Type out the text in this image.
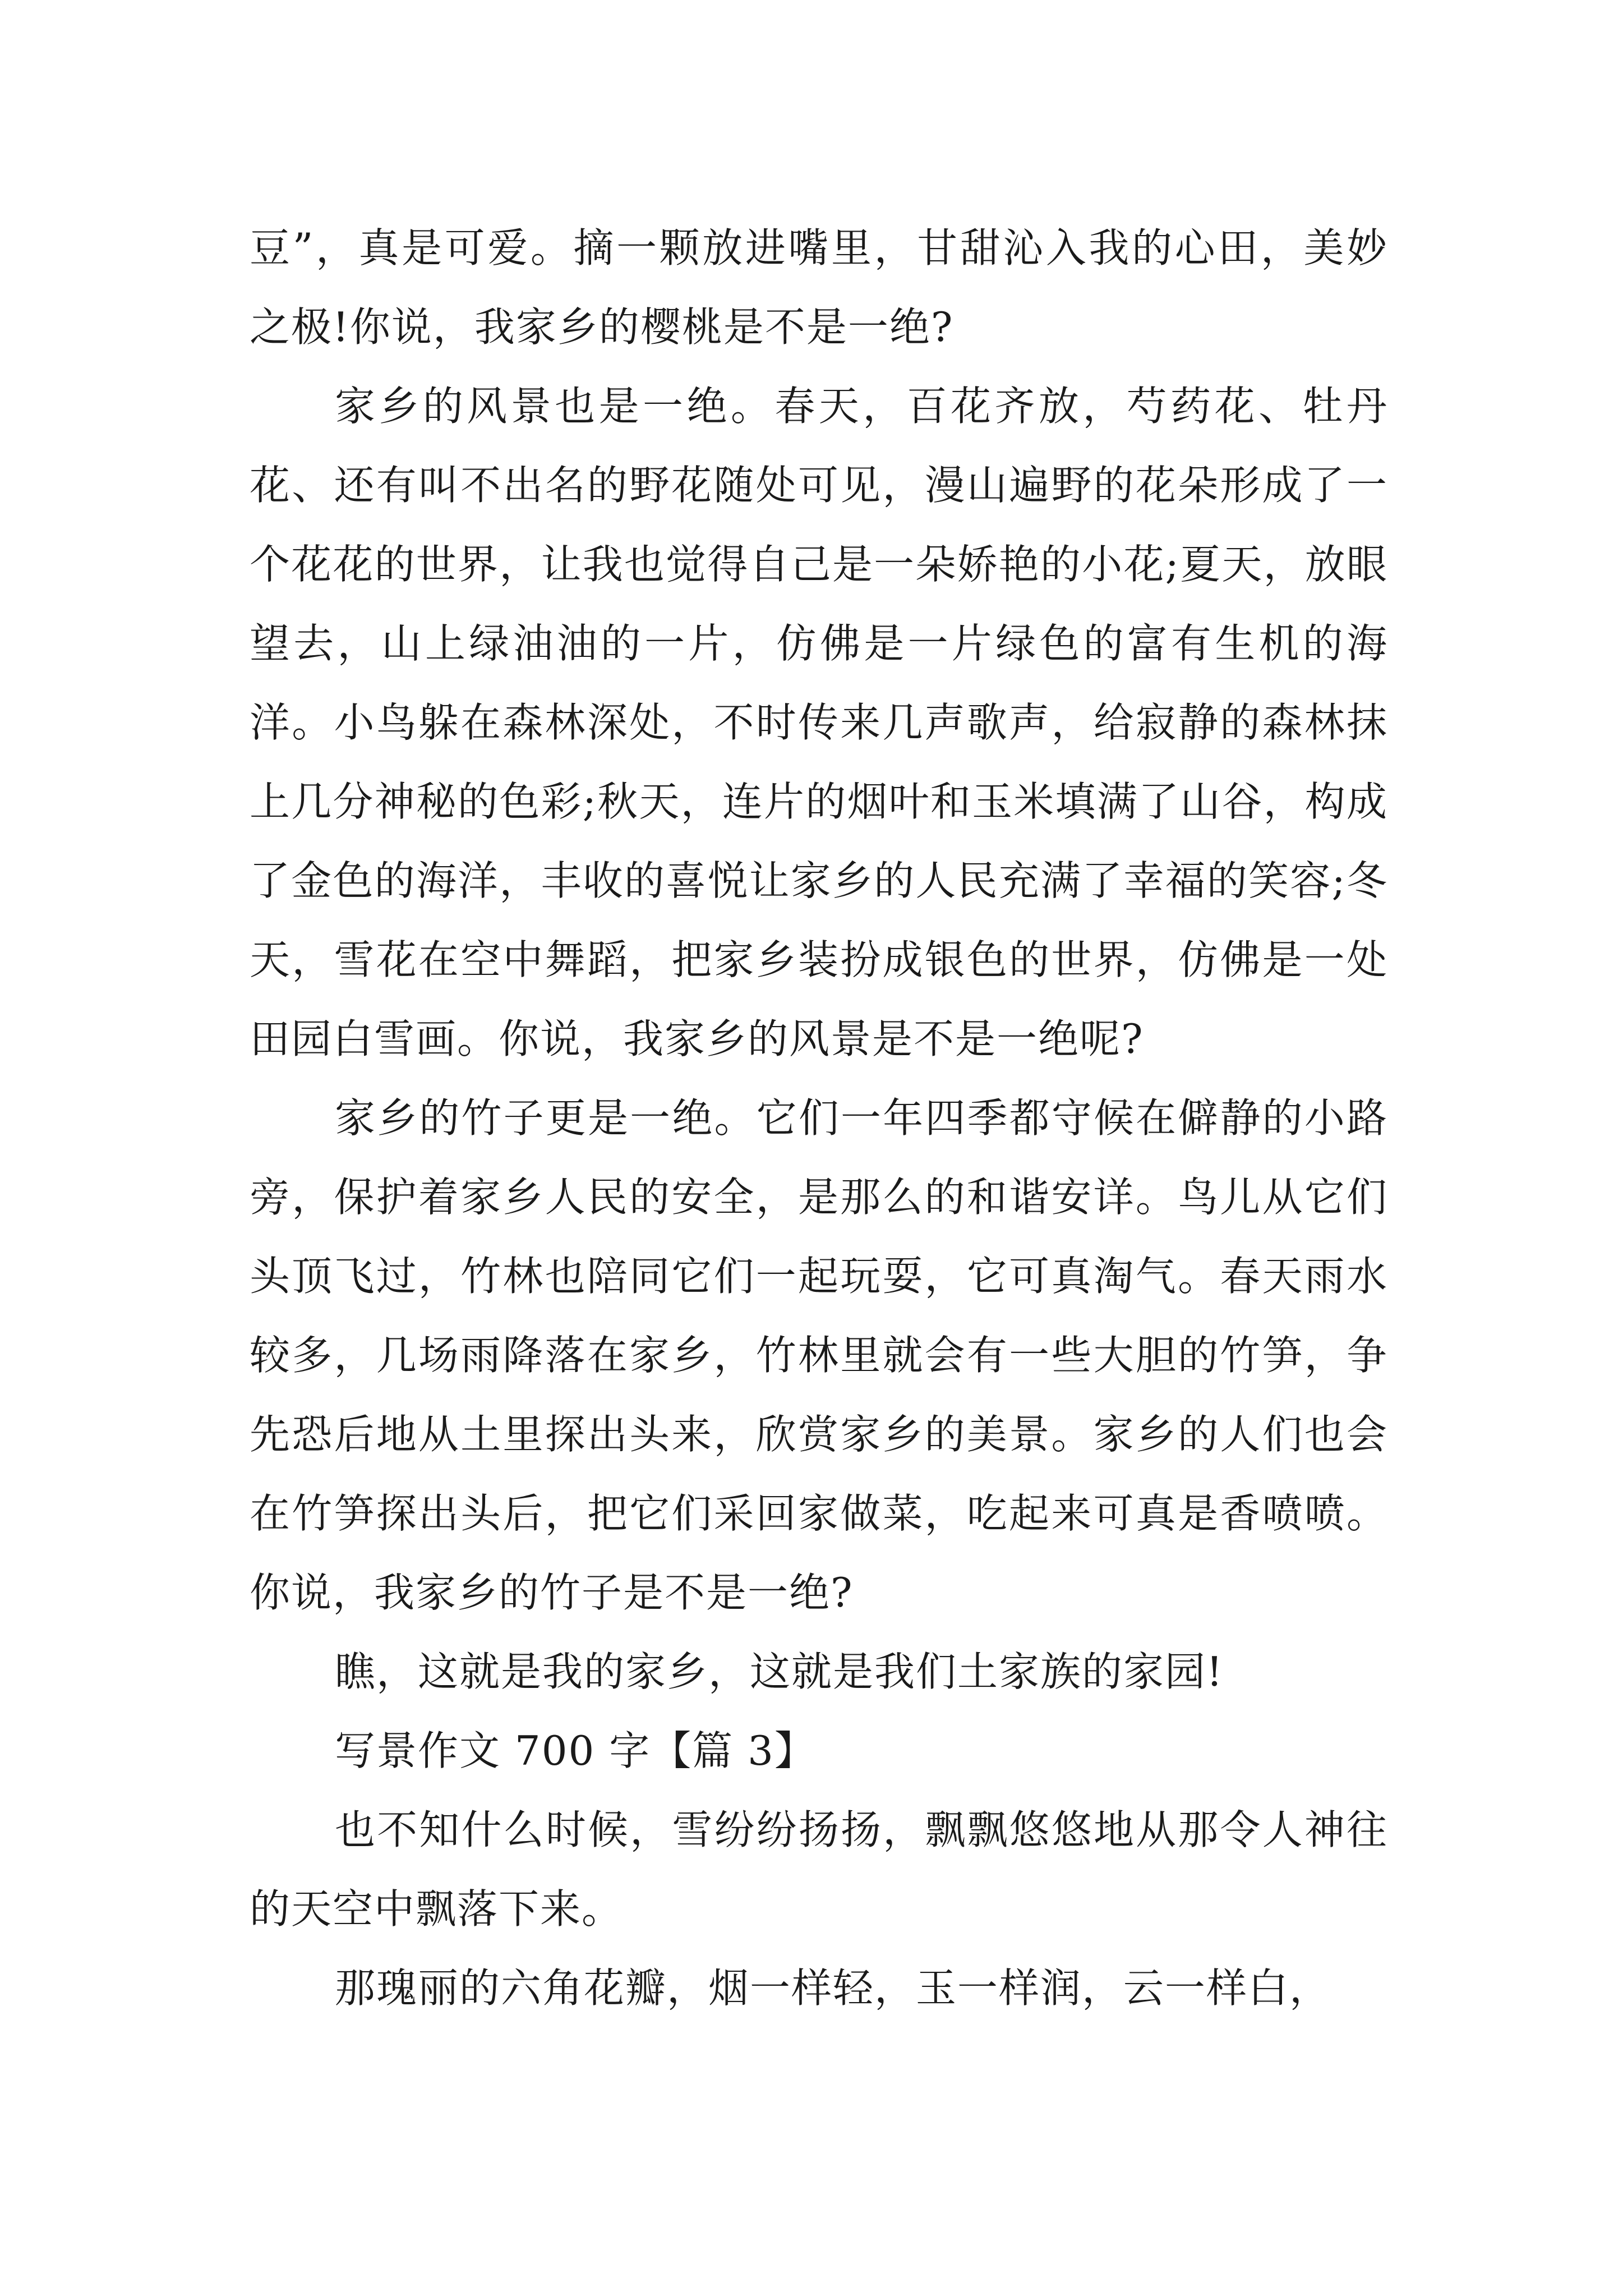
豆”，真是可爱。摘一颗放进嘴里，甘甜沁入我的心田，美妙之极!你说，我家乡的樱桃是不是一绝?

家乡的风景也是一绝。春天，百花齐放，芍药花、牡丹花、还有叫不出名的野花随处可见，漫山遍野的花朵形成了一个花花的世界，让我也觉得自己是一朵娇艳的小花;夏天，放眼望去，山上绿油油的一片，仿佛是一片绿色的富有生机的海洋。小鸟躲在森林深处，不时传来几声歌声，给寂静的森林抹上几分神秘的色彩;秋天，连片的烟叶和玉米填满了山谷，构成了金色的海洋，丰收的喜悦让家乡的人民充满了幸福的笑容;冬天，雪花在空中舞蹈，把家乡装扮成银色的世界，仿佛是一处田园白雪画。你说，我家乡的风景是不是一绝呢?

家乡的竹子更是一绝。它们一年四季都守候在僻静的小路旁，保护着家乡人民的安全，是那么的和谐安详。鸟儿从它们头顶飞过，竹林也陪同它们一起玩耍，它可真淘气。春天雨水较多，几场雨降落在家乡，竹林里就会有一些大胆的竹笋，争先恐后地从土里探出头来，欣赏家乡的美景。家乡的人们也会在竹笋探出头后，把它们采回家做菜，吃起来可真是香喷喷。你说，我家乡的竹子是不是一绝?

瞧，这就是我的家乡，这就是我们土家族的家园!

写景作文 700 字【篇 3】

也不知什么时候，雪纷纷扬扬，飘飘悠悠地从那令人神往的天空中飘落下来。

那瑰丽的六角花瓣，烟一样轻，玉一样润，云一样白，
